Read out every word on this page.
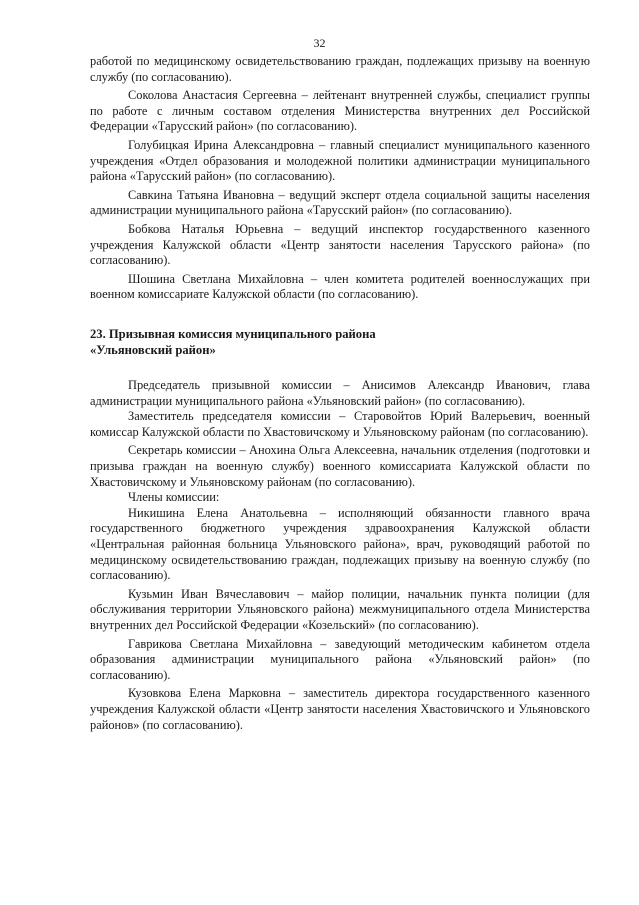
32

работой по медицинскому освидетельствованию граждан, подлежащих призыву на военную службу (по согласованию).

Соколова Анастасия Сергеевна – лейтенант внутренней службы, специалист группы по работе с личным составом отделения Министерства внутренних дел Российской Федерации «Тарусский район» (по согласованию).

Голубицкая Ирина Александровна – главный специалист муниципального казенного учреждения «Отдел образования и молодежной политики администрации муниципального района «Тарусский район» (по согласованию).

Савкина Татьяна Ивановна – ведущий эксперт отдела социальной защиты населения администрации муниципального района «Тарусский район» (по согласованию).

Бобкова Наталья Юрьевна – ведущий инспектор государственного казенного учреждения Калужской области «Центр занятости населения Тарусского района» (по согласованию).

Шошина Светлана Михайловна – член комитета родителей военнослужащих при военном комиссариате Калужской области (по согласованию).

23. Призывная комиссия муниципального района

«Ульяновский район»

Председатель призывной комиссии – Анисимов Александр Иванович, глава администрации муниципального района «Ульяновский район» (по согласованию).

Заместитель председателя комиссии – Старовойтов Юрий Валерьевич, военный комиссар Калужской области по Хвастовичскому и Ульяновскому районам (по согласованию).

Секретарь комиссии – Анохина Ольга Алексеевна, начальник отделения (подготовки и призыва граждан на военную службу) военного комиссариата Калужской области по Хвастовичскому и Ульяновскому районам (по согласованию).

Члены комиссии:

Никишина Елена Анатольевна – исполняющий обязанности главного врача государственного бюджетного учреждения здравоохранения Калужской области «Центральная районная больница Ульяновского района», врач, руководящий работой по медицинскому освидетельствованию граждан, подлежащих призыву на военную службу (по согласованию).

Кузьмин Иван Вячеславович – майор полиции, начальник пункта полиции (для обслуживания территории Ульяновского района) межмуниципального отдела Министерства внутренних дел Российской Федерации «Козельский» (по согласованию).

Гаврикова Светлана Михайловна – заведующий методическим кабинетом отдела образования администрации муниципального района «Ульяновский район» (по согласованию).

Кузовкова Елена Марковна – заместитель директора государственного казенного учреждения Калужской области «Центр занятости населения Хвастовичского и Ульяновского районов» (по согласованию).
